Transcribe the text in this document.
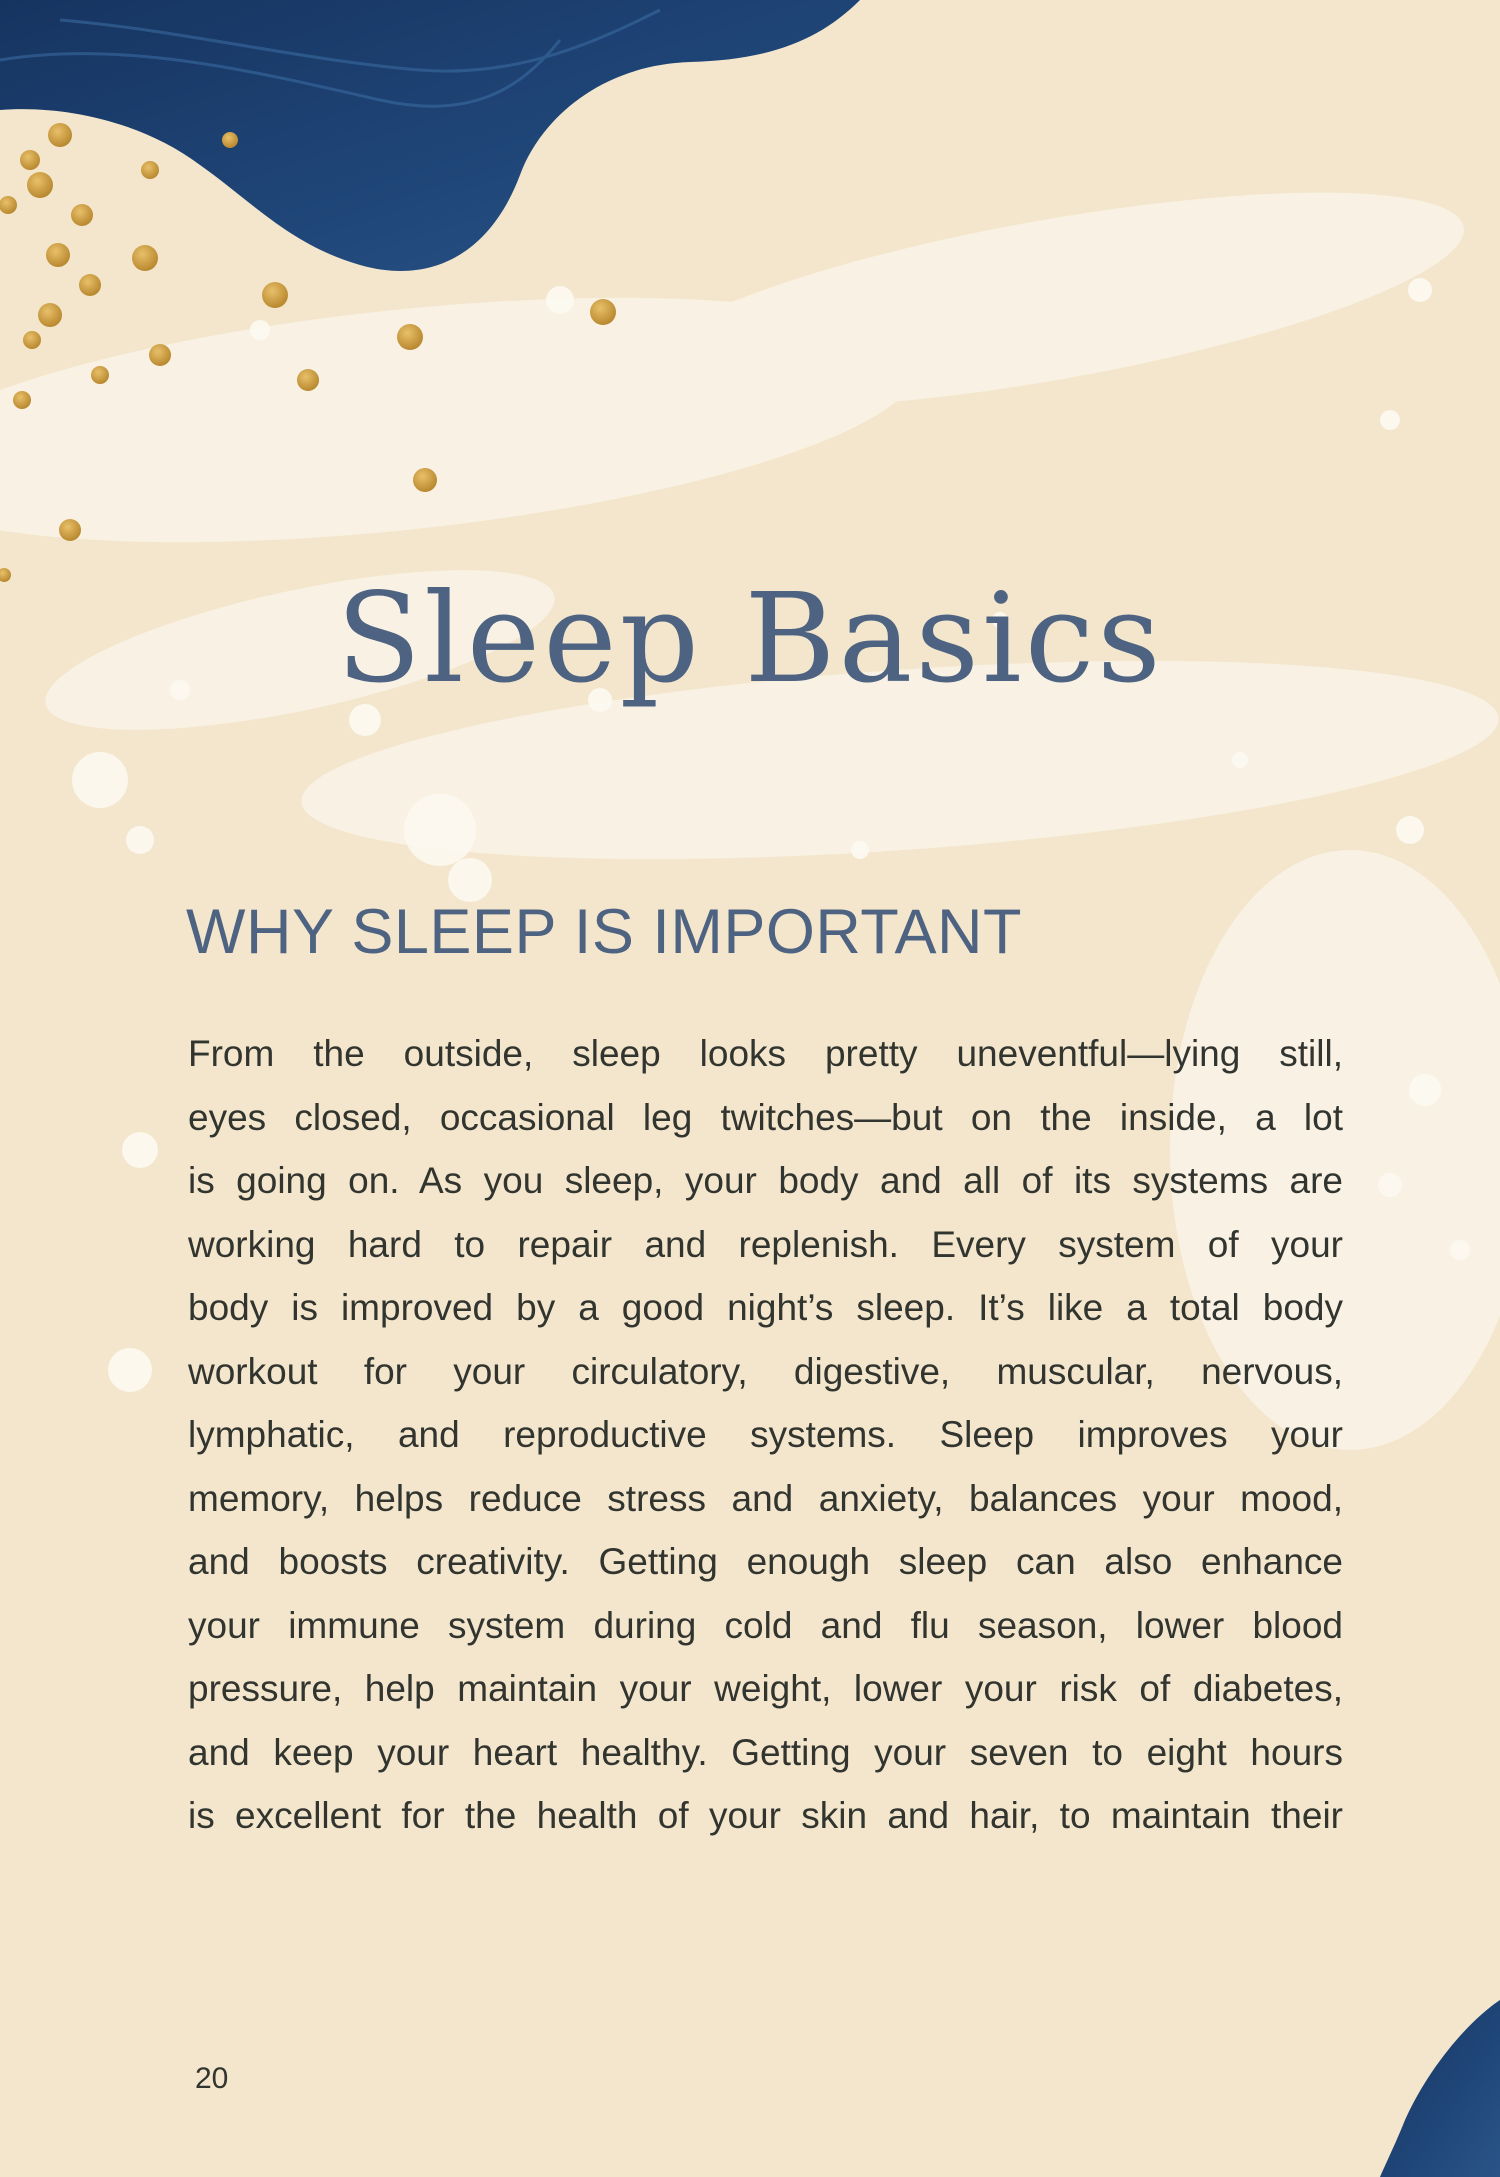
Sleep Basics
WHY SLEEP IS IMPORTANT
From the outside, sleep looks pretty uneventful—lying still,
eyes closed, occasional leg twitches—but on the inside, a lot
is going on. As you sleep, your body and all of its systems are
working hard to repair and replenish. Every system of your
body is improved by a good night’s sleep. It’s like a total body
workout for your circulatory, digestive, muscular, nervous,
lymphatic, and reproductive systems. Sleep improves your
memory, helps reduce stress and anxiety, balances your mood,
and boosts creativity. Getting enough sleep can also enhance
your immune system during cold and flu season, lower blood
pressure, help maintain your weight, lower your risk of diabetes,
and keep your heart healthy. Getting your seven to eight hours
is excellent for the health of your skin and hair, to maintain their
20
